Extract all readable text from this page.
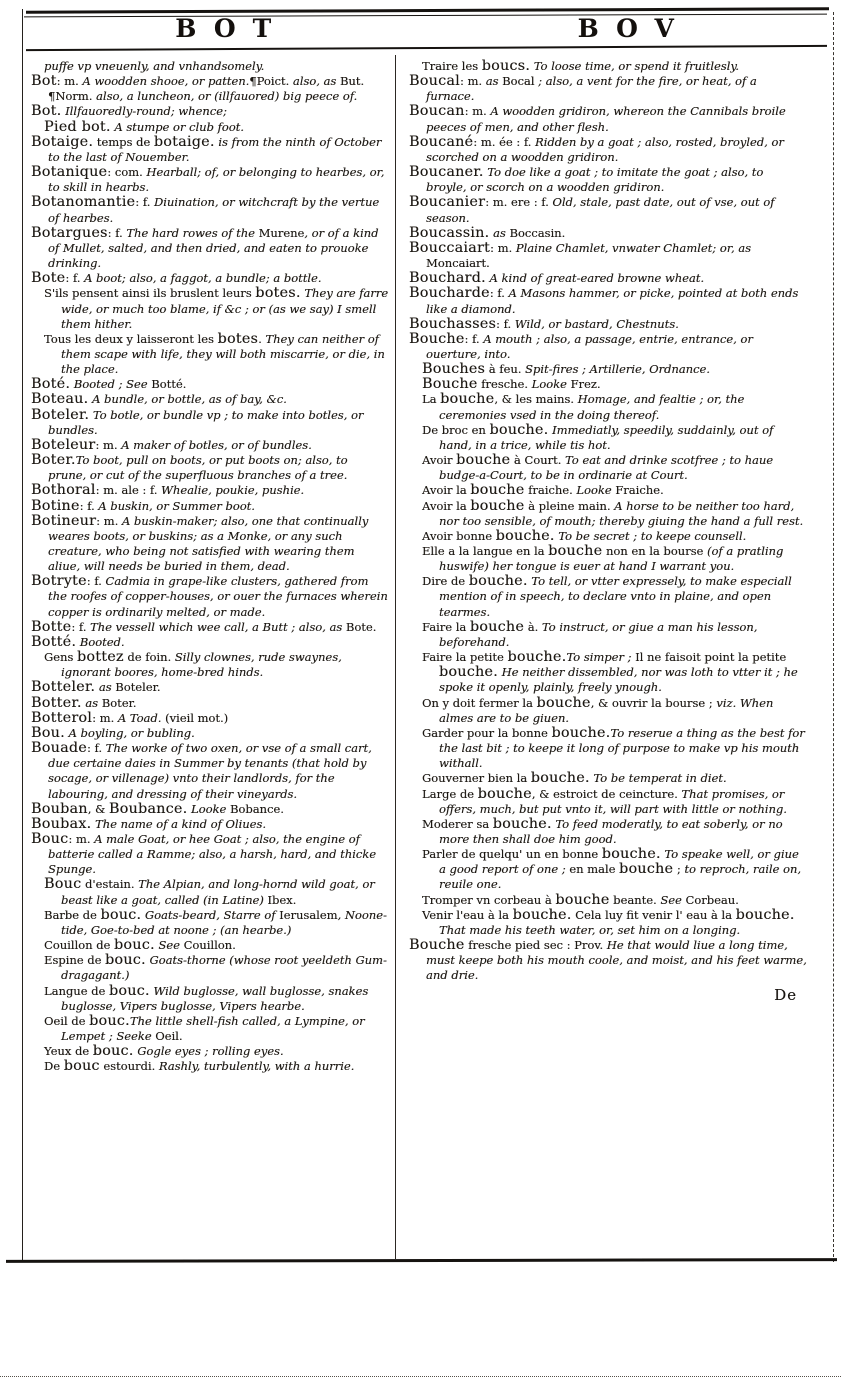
BOT	BOV

puffe vp vneuenly, and vnhandsomely.

Bot: m. A woodden shooe, or patten.¶Poict. also, as But. ¶Norm. also, a luncheon, or (illfauored) big peece of.

Bot. Illfauoredly-round; whence;

Pied bot. A stumpe or club foot.

Botaige. temps de botaige. is from the ninth of October to the last of Nouember.

Botanique: com. Hearball; of, or belonging to hearbes, or, to skill in hearbs.

Botanomantie: f. Diuination, or witchcraft by the vertue of hearbes.

Botargues: f. The hard rowes of the Murene, or of a kind of Mullet, salted, and then dried, and eaten to prouoke drinking.

Bote: f. A boot; also, a faggot, a bundle; a bottle.

S'ils pensent ainsi ils bruslent leurs botes. They are farre wide, or much too blame, if &c ; or (as we say) I smell them hither.

Tous les deux y laisseront les botes. They can neither of them scape with life, they will both miscarrie, or die, in the place.

Boté. Booted ; See Botté.

Boteau. A bundle, or bottle, as of bay, &c.

Boteler. To botle, or bundle vp ; to make into botles, or bundles.

Boteleur: m. A maker of botles, or of bundles.

Boter.To boot, pull on boots, or put boots on; also, to prune, or cut of the superfluous branches of a tree.

Bothoral: m. ale : f. Whealie, poukie, pushie.

Botine: f. A buskin, or Summer boot.

Botineur: m. A buskin-maker; also, one that continually weares boots, or buskins; as a Monke, or any such creature, who being not satisfied with wearing them aliue, will needs be buried in them, dead.

Botryte: f. Cadmia in grape-like clusters, gathered from the roofes of copper-houses, or ouer the furnaces wherein copper is ordinarily melted, or made.

Botte: f. The vessell which wee call, a Butt ; also, as Bote.

Botté. Booted.

Gens bottez de foin. Silly clownes, rude swaynes, ignorant boores, home-bred hinds.

Botteler. as Boteler.

Botter. as Boter.

Botterol: m. A Toad. (vieil mot.)

Bou. A boyling, or bubling.

Bouade: f. The worke of two oxen, or vse of a small cart, due certaine daies in Summer by tenants (that hold by socage, or villenage) vnto their landlords, for the labouring, and dressing of their vineyards.

Bouban, & Boubance. Looke Bobance.

Boubax. The name of a kind of Oliues.

Bouc: m. A male Goat, or hee Goat ; also, the engine of batterie called a Ramme; also, a harsh, hard, and thicke Spunge.

Bouc d'estain. The Alpian, and long-hornd wild goat, or beast like a goat, called (in Latine) Ibex.

Barbe de bouc. Goats-beard, Starre of Ierusalem, Noone-tide, Goe-to-bed at noone ; (an hearbe.)

Couillon de bouc. See Couillon.

Espine de bouc. Goats-thorne (whose root yeeldeth Gum-dragagant.)

Langue de bouc. Wild buglosse, wall buglosse, snakes buglosse, Vipers buglosse, Vipers hearbe.

Oeil de bouc.The little shell-fish called, a Lympine, or Lempet ; Seeke Oeil.

Yeux de bouc. Gogle eyes ; rolling eyes.

De bouc estourdi. Rashly, turbulently, with a hurrie.

Traire les boucs. To loose time, or spend it fruitlesly.

Boucal: m. as Bocal ; also, a vent for the fire, or heat, of a furnace.

Boucan: m. A woodden gridiron, whereon the Cannibals broile peeces of men, and other flesh.

Boucané: m. ée : f. Ridden by a goat ; also, rosted, broyled, or scorched on a woodden gridiron.

Boucaner. To doe like a goat ; to imitate the goat ; also, to broyle, or scorch on a woodden gridiron.

Boucanier: m. ere : f. Old, stale, past date, out of vse, out of season.

Boucassin. as Boccasin.

Bouccaiart: m. Plaine Chamlet, vnwater Chamlet; or, as Moncaiart.

Bouchard. A kind of great-eared browne wheat.

Boucharde: f. A Masons hammer, or picke, pointed at both ends like a diamond.

Bouchasses: f. Wild, or bastard, Chestnuts.

Bouche: f. A mouth ; also, a passage, entrie, entrance, or ouerture, into.

Bouches à feu. Spit-fires ; Artillerie, Ordnance.

Bouche fresche. Looke Frez.

La bouche, & les mains. Homage, and fealtie ; or, the ceremonies vsed in the doing thereof.

De broc en bouche. Immediatly, speedily, suddainly, out of hand, in a trice, while tis hot.

Avoir bouche à Court. To eat and drinke scotfree ; to haue budge-a-Court, to be in ordinarie at Court.

Avoir la bouche fraiche. Looke Fraiche.

Avoir la bouche à pleine main. A horse to be neither too hard, nor too sensible, of mouth; thereby giuing the hand a full rest.

Avoir bonne bouche. To be secret ; to keepe counsell.

Elle a la langue en la bouche non en la bourse (of a pratling huswife) her tongue is euer at hand I warrant you.

Dire de bouche. To tell, or vtter expressely, to make especiall mention of in speech, to declare vnto in plaine, and open tearmes.

Faire la bouche à. To instruct, or giue a man his lesson, beforehand.

Faire la petite bouche.To simper ; Il ne faisoit point la petite bouche. He neither dissembled, nor was loth to vtter it ; he spoke it openly, plainly, freely ynough.

On y doit fermer la bouche, & ouvrir la bourse ; viz. When almes are to be giuen.

Garder pour la bonne bouche.To reserue a thing as the best for the last bit ; to keepe it long of purpose to make vp his mouth withall.

Gouverner bien la bouche. To be temperat in diet.

Large de bouche, & estroict de ceincture. That promises, or offers, much, but put vnto it, will part with little or nothing.

Moderer sa bouche. To feed moderatly, to eat soberly, or no more then shall doe him good.

Parler de quelqu' un en bonne bouche. To speake well, or giue a good report of one ; en male bouche ; to reproch, raile on, reuile one.

Tromper vn corbeau à bouche beante. See Corbeau.

Venir l'eau à la bouche. Cela luy fit venir l' eau à la bouche. That made his teeth water, or, set him on a longing.

Bouche fresche pied sec : Prov. He that would liue a long time, must keepe both his mouth coole, and moist, and his feet warme, and drie.

De
